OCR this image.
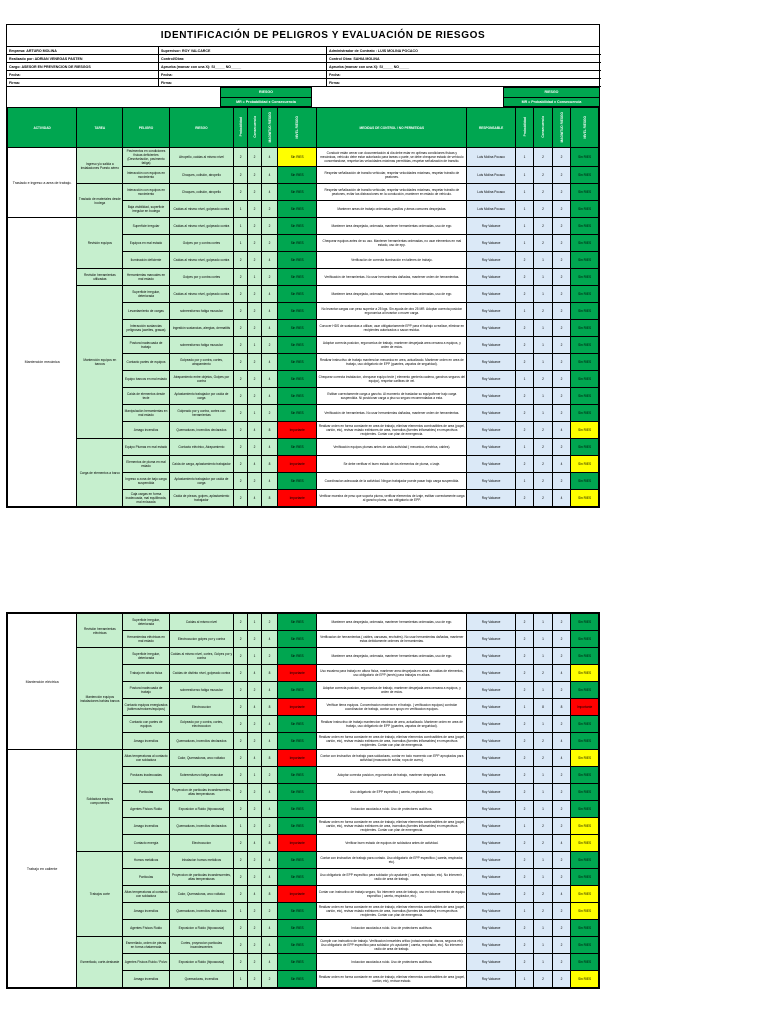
IDENTIFICACIÓN DE PELIGROS Y EVALUACIÓN DE RIESGOS
Empresa: ARTURO MOLINA	Supervisor: ROY VALCARCE	Administrador de Contrato : LUIS MOLINA POCACO
Realizado por: ADRIAN VENEGAS PASTEN	Control/Obra:	Control Obra: SAHIA MOLINA
Cargo: ASESOR EN PREVENCION DE RIESGOS	Aprueba (marcar con una X): SI_____ NO_____	Aprueba (marcar con una X): SI_____ NO_____
Fecha:	Fecha:	Fecha:
Firma:	Firma:	Firma:
RIESGO
MR = Probabilidad x Consecuencia
RIESGO
MR = Probabilidad x Consecuencia
ACTIVIDAD	TAREA	PELIGRO	RIESGO	Probabilidad	Consecuencia	MAGNITUD RIESGO	NIVEL RIESGO	MEDIDAS DE CONTROL / NO PERMITIDAS	RESPONSABLE	Probabilidad	Consecuencia	MAGNITUD RIESGO	NIVEL RIESGO
Traslado e ingreso a area de trabajo.	Ingreso y/o salida a instalaciones Puesto aéreo	Pavimentos en condiciones físicas deficientes (Desnivelación, pavimento fatiga)	Atropello, caídas al mismo nivel	2	2	4	Sin RIES	Conducir están cerrar con documentación al día debe estar en optimas condiciones físicas y mecánicas, vehículo debe estar autorizado para tareas o parte, se debe chequear estado de vehículo concertandose, respetar las velocidades máximas permitidas, respetar señalización de transito.	Luis Molina Pocaco	1	2	2	Sin RIES
		Interacción con equipos en movimiento	Choques, colisión, atropello	2	2	4	Sin RIES	Respetar señalización de transito vehicular, respetar velocidades máximas, respetar tránsito de peatones.	Luis Molina Pocaco	1	2	2	Sin RIES
	Traslado de materiales desde bodega	Interacción con equipos en movimiento	Choques, colisión, atropello	2	2	4	Sin RIES	Respetar señalización de transito vehicular, respetar velocidades máximas, respetar tránsito de peatones, evitar las distracciones en la conducción, mantener en estado de vehículo.	Luis Molina Pocaco	1	2	2	Sin RIES
		Baja visibilidad, superficie irregular en bodega	Caídas al mismo nivel, golpeado contra	1	2	2	Sin RIES	Mantener areas de trabajo ordenadas, pasillos y áreas comunes despejadas.	Luis Molina Pocaco	1	2	2	Sin RIES
Mantención mecánica	Revisión equipos	Superficie irregular	Caídas al mismo nivel, golpeado contra	1	2	2	Sin RIES	Mantener área despejada, ordenada, mantener herramientas ordenadas, uso de epp.	Roy Valcarce	1	2	2	Sin RIES
		Equipos en mal estado	Golpes por y contra cortes	1	2	2	Sin RIES	Chequear equipos antes de su uso. Mantener herramientas ordenadas, no usar elementos en mal estado, uso de epp.	Roy Valcarce	1	2	2	Sin RIES
		Iluminación deficiente	Caídas al mismo nivel, golpeado contra	2	2	4	Sin RIES	Verificación de correcta iluminación en talleres de trabajo.	Roy Valcarce	2	1	2	Sin RIES
	Revisión herramientas utilizadas	Herramientas manuales en mal estado	Golpes por y contra cortes	2	1	2	Sin RIES	Verificación de herramientas. No usar herramientas dañadas, mantener orden de herramientas.	Roy Valcarce	2	1	2	Sin RIES
	Mantención equipos en bancos	Superficie irregular, deteriorada	Caídas al mismo nivel, golpeado contra	2	2	4	Sin RIES	Mantener área despejada, ordenada, mantener herramientas ordenadas, uso de epp.	Roy Valcarce	2	1	2	Sin RIES
		Levantamiento de cargas	sobreesfuerzo fatiga muscular	2	2	4	Sin RIES	No levantar cargas con peso superior a 25 kgs. Sin ayuda de otro 25 MR. Adoptar correcta posicion ergonomica al levantar o mover carga.	Roy Valcarce	1	2	2	Sin RIES
		Interacción sustancias peligrosas (aceites, grasas)	Ingestión sustancias, alergias, dermatitis	2	2	4	Sin RIES	Conocer HDS de sustancias a utilizar, usar obligatoriamente EPP para el trabajo a realizar, eliminar en recipientes autorizados o sacar residuo.	Roy Valcarce	2	1	2	Sin RIES
		Postura inadecuada de trabajo	sobreesfuerzo fatiga muscular	2	1	2	Sin RIES	Adoptar correcta posicion, ergonomica de trabajo, mantener despejada area cercana a equipos, y orden de estos.	Roy Valcarce	2	1	2	Sin RIES
		Contacto partes de equipos	Golpeado por y contra, cortes, atrapamiento	2	2	4	Sin RIES	Realizar instructivo de trabajo mantencion mecanica en area, actualizado. Mantener orden en area de trabajo, uso obligatorio de EPP (guantes, zapatos de seguridad).	Roy Valcarce	2	1	2	Sin RIES
		Equipo bancos en mal estado	Atrapamiento entre objetos, Golpes por contra	2	2	4	Sin RIES	Chequear correcta instalacion, chequear equipo tecle ( elemento genteria cadena, ganchos seguros del equipo), respetar carlitras de vel.	Roy Valcarce	1	2	2	Sin RIES
		Caída de elementos desde tecle	Aplastamiento trabajador por caída de carga	2	2	4	Sin RIES	Estibar correctamente carga a gancho. Al momento de trasladar su equipo/tener bajo carga suspendida. Ni posicionar carga a piso su seguro recomendadas a esta.	Roy Valcarce	2	1	2	Sin RIES
		Manipulación herramientas en mal estado	Golpeado por y contra, cortes con herramientas	2	1	2	Sin RIES	Verificación de herramientas. No usar herramientas dañadas, mantener orden de herramientas.	Roy Valcarce	2	1	2	Sin RIES
		Amago incendios	Quemaduras, incendios declarados	2	4	8	Importante	Realizar orden en forma constante en area de trabajo, eliminar elementos combustibles de area (papel, cartón, etc), revisar estado extintores de area, incendios (fuentes inflamables) en respectivos recipientes. Contar con plan de emergencia.	Roy Valcarce	2	2	4	Sin RIES
	Carga de elementos a barco	Equipo Plumas en mal estado	Contacto eléctrico, Atrapamiento	2	2	4	Sin RIES	Verificación equipos plumas antes de cada actividad ( mecanica, electrica, cables).	Roy Valcarce	1	2	2	Sin RIES
		Elementos de pluma en mal estado	Caída de carga, aplastamiento trabajador	2	4	8	Importante	Se debe verificar el buen estado de los elementos de pluma, o izaje.	Roy Valcarce	2	2	4	Sin RIES
		Ingreso a zona de bajo carga suspendida	Aplastamiento trabajador por caída de carga	2	2	4	Sin RIES	Coordinacion adecuada de la actividad. Ningun trabajador puede pasar bajo carga suspendida.	Roy Valcarce	1	2	2	Sin RIES
		Caja cargas en forma inadecuada, mal equilibrada, mal enlazada	Caída de piezas, golpes, aplastamiento trabajador	2	4	8	Importante	Verificar muestra de peso que soporta pluma, verificar elementos de izaje, estibar correctamente carga al gancho pluma, uso obligatorio de EPP.	Roy Valcarce	2	2	4	Sin RIES
Mantención eléctrica	Revisión herramientas eléctricas	Superficie irregular, deteriorada	Caídas al mismo nivel	2	1	2	Sin RIES	Mantener area despejada, ordenada, mantener herramientas ordenadas, uso de epp.	Roy Valcarce	2	1	2	Sin RIES
		Herramientas eléctricas en mal estado	Electrocucion golpes por y contra	2	2	4	Sin RIES	Verificacion de herramientas ( cables, carcasas, enchufes). No usar herramientas dañadas, mantener estas debidamente ordenes de herramientas.	Roy Valcarce	2	1	2	Sin RIES
	Mantención equipos instalaciones bahías barcos	Superficie irregular, deteriorada	Caídas al mismo nivel, cortes, Golpes por y contra	2	1	2	Sin RIES	Mantener area despejada, ordenada, mantener herramientas ordenadas, uso de epp.	Roy Valcarce	2	1	2	Sin RIES
		Trabajo en altura física	Caídas de distinto nivel, golpeado contra	2	4	8	Importante	Uso escalera para trabajo en altura física, mantener area despejada en area de caidas de elementos, uso obligatorio de EPP (arnés) para trabajos en altura.	Roy Valcarce	2	2	4	Sin RIES
		Postura inadecuada de trabajo	sobreesfuerzo fatiga muscular	2	2	4	Sin RIES	Adoptar correcta posicion, ergonomica de trabajo, mantener despejada area cercana a equipos, y orden de estos.	Roy Valcarce	2	1	2	Sin RIES
		Contacto equipos energizados (tableros/motores/equipos)	Electrocucion	2	4	8	Importante	Verificar tierra equipos. Concentracion maxima en el trabajo. ( verificacion equipos) controlar coordinacion de trabajo, contar con apoyo en verificacion equipos.	Roy Valcarce	1	8	8	Importante
		Contacto con partes de equipos	Golpeado por y contra, cortes, electrocucion	2	2	4	Sin RIES	Realizar instructivo de trabajo mantencion electrica de area, actualizado. Mantener orden en area de trabajo, uso obligatorio de EPP (guantes, zapatos de seguridad).	Roy Valcarce	2	1	2	Sin RIES
		Amago incendios	Quemaduras, incendios declarados	2	2	4	Sin RIES	Realizar orden en forma constante en area de trabajo, eliminar elementos combustibles de area (papel, cartón, etc), revisar estado extintores de area, incendios (fuentes inflamables) en respectivos recipientes. Contar con plan de emergencia.	Roy Valcarce	2	2	4	Sin RIES
Trabajo en caliente	Soldadura equipos componentes	Altas temperaturas al contacto con soldadura	Calor, Quemaduras, arco voltaico	2	4	8	Importante	Contar con instructivo de trabajo para soldaduras, contar en todo momento con EPP apropiados para actividad (mascara de soldar, ropa de cuero).	Roy Valcarce	2	2	4	Sin RIES
		Posturas inadecuadas	Sobreesfuerzo fatiga muscular	2	1	2	Sin RIES	Adoptar correcta posicion, ergonomica de trabajo, mantener despejada area.	Roy Valcarce	2	1	2	Sin RIES
		Partículas	Proyeccion de partículas incandescentes, altas temperaturas	2	2	4	Sin RIES	Uso obligatorio de EPP especifico ( careta, respirador, etc).	Roy Valcarce	2	1	2	Sin RIES
		Agentes Físicos Ruido	Exposicion a Ruido (hipoacusia)	2	2	4	Sin RIES	Induccion asociada a ruido. Uso de protectores auditivos.	Roy Valcarce	2	1	2	Sin RIES
		Amago incendios	Quemaduras, incendios declarados	1	2	2	Sin RIES	Realizar orden en forma constante en area de trabajo, eliminar elementos combustibles de area (papel, cartón, etc), revisar estado extintores de area, incendios (fuentes inflamables) en respectivos recipientes. Contar con plan de emergencia.	Roy Valcarce	1	2	2	Sin RIES
		Contacto energía	Electrocucion	2	4	8	Importante	Verificar buen estado de equipos de soldadura antes de actividad.	Roy Valcarce	2	2	4	Sin RIES
	Trabajos corte	Humos metálicos	Inhalacion humos metálicos	2	2	4	Sin RIES	Contar con instructivo de trabajo para cortado. Uso obligatorio de EPP especifico ( careta, respirador, etc).	Roy Valcarce	2	1	2	Sin RIES
		Partículas	Proyeccion de partículas incandescentes, altas temperaturas	2	2	4	Sin RIES	Uso obligatorio de EPP especifico para soldador y/o ayudante ( careta, respirador, etc). No intervenir , radio de area de trabajo.	Roy Valcarce	2	1	2	Sin RIES
		Altas temperaturas al contacto con soldadura	Calor, Quemaduras, arco voltaico	2	4	8	Importante	Contar con instructivo de trabajo seguro, No intervenir area de trabajo, uso en todo momento de equipo especifico ( careta, respirador, etc).	Roy Valcarce	2	2	4	Sin RIES
		Amago incendios	Quemaduras, incendios declarados	1	2	2	Sin RIES	Realizar orden en forma constante en area de trabajo, eliminar elementos combustibles de area (papel, cartón, etc), revisar estado extintores de area, incendios (fuentes inflamables) en respectivos recipientes. Contar con plan de emergencia.	Roy Valcarce	1	2	2	Sin RIES
		Agentes Físicos Ruido	Exposicion a Ruido (hipoacusia)	2	2	4	Sin RIES	Induccion asociada a ruido. Uso de protectores auditivos.	Roy Valcarce	2	1	2	Sin RIES
	Esmerilado, corte-desbaste	Esmerilado, orden de piezas en forma chatarreada	Cortes, proyeccion partículas incandescentes	2	2	4	Sin RIES	Cumplir con instructivo de trabajo. Verificacion inmuebles critico (rotacion motor, discos, seguros etc). Uso obligatorio de EPP especifico para soldador y/o ayudante ( careta, respirador, etc). No intervenir radio de area de trabajo.	Roy Valcarce	2	1	2	Sin RIES
		Agentes Físicos Ruido / Polvo	Exposicion a Ruido (hipoacusia)	2	2	4	Sin RIES	Induccion asociada a ruido. Uso de protectores auditivos.	Roy Valcarce	2	1	2	Sin RIES
		Amago incendios	Quemaduras, incendios	1	2	2	Sin RIES	Realizar orden en forma constante en area de trabajo, eliminar elementos combustibles de area (papel, cartón, etc), revisar estado.	Roy Valcarce	1	2	2	Sin RIES
